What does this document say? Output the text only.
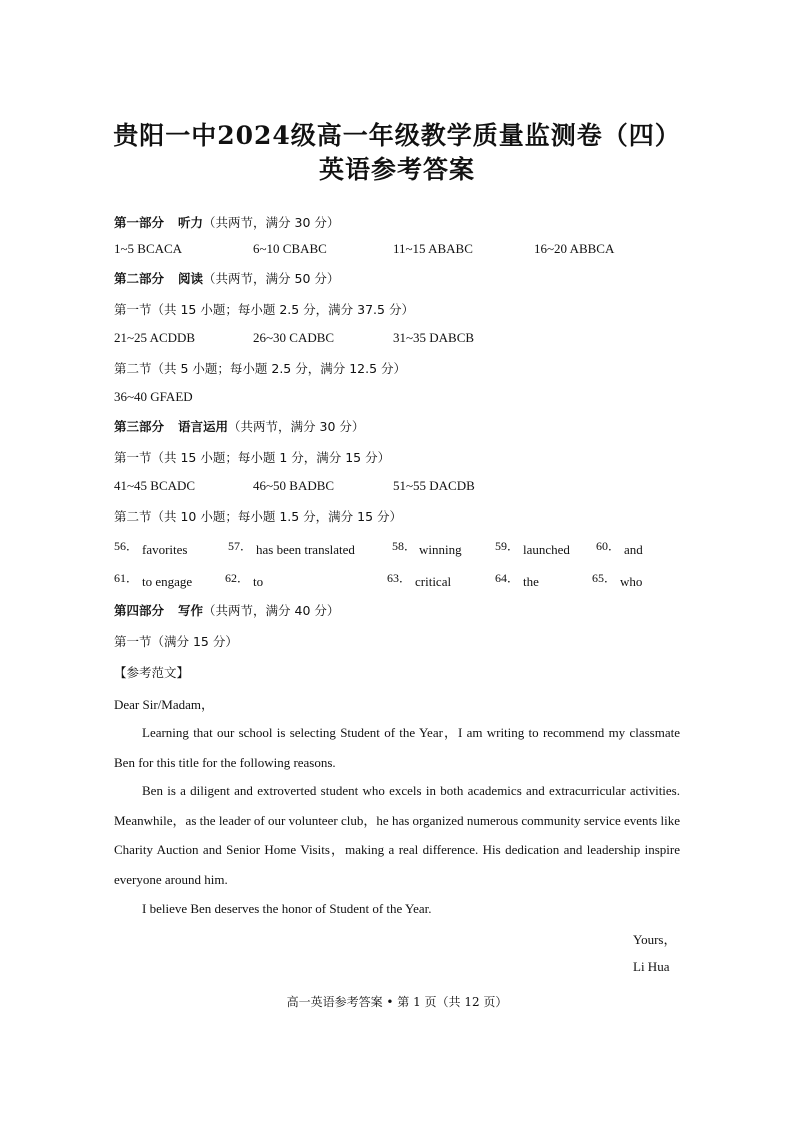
贵阳一中2024级高一年级教学质量监测卷（四）
英语参考答案
第一部分 听力（共两节，满分 30 分）
1~5 BCACA	6~10 CBABC	11~15 ABABC	16~20 ABBCA
第二部分 阅读（共两节，满分 50 分）
第一节（共 15 小题；每小题 2.5 分，满分 37.5 分）
21~25 ACDDB	26~30 CADBC	31~35 DABCB
第二节（共 5 小题；每小题 2.5 分，满分 12.5 分）
36~40 GFAED
第三部分 语言运用（共两节，满分 30 分）
第一节（共 15 小题；每小题 1 分，满分 15 分）
41~45 BCADC	46~50 BADBC	51~55 DACDB
第二节（共 10 小题；每小题 1.5 分，满分 15 分）
56． favorites	57． has been translated	58． winning	59． launched 60． and
61． to engage	62． to	63． critical	64． the	65． who
第四部分 写作（共两节，满分 40 分）
第一节（满分 15 分）
【参考范文】
Dear Sir/Madam，
Learning that our school is selecting Student of the Year，I am writing to recommend my classmate Ben for this title for the following reasons.
Ben is a diligent and extroverted student who excels in both academics and extracurricular activities. Meanwhile，as the leader of our volunteer club，he has organized numerous community service events like Charity Auction and Senior Home Visits，making a real difference. His dedication and leadership inspire everyone around him.
I believe Ben deserves the honor of Student of the Year.
Yours，
Li Hua
高一英语参考答案 • 第 1 页（共 12 页）
